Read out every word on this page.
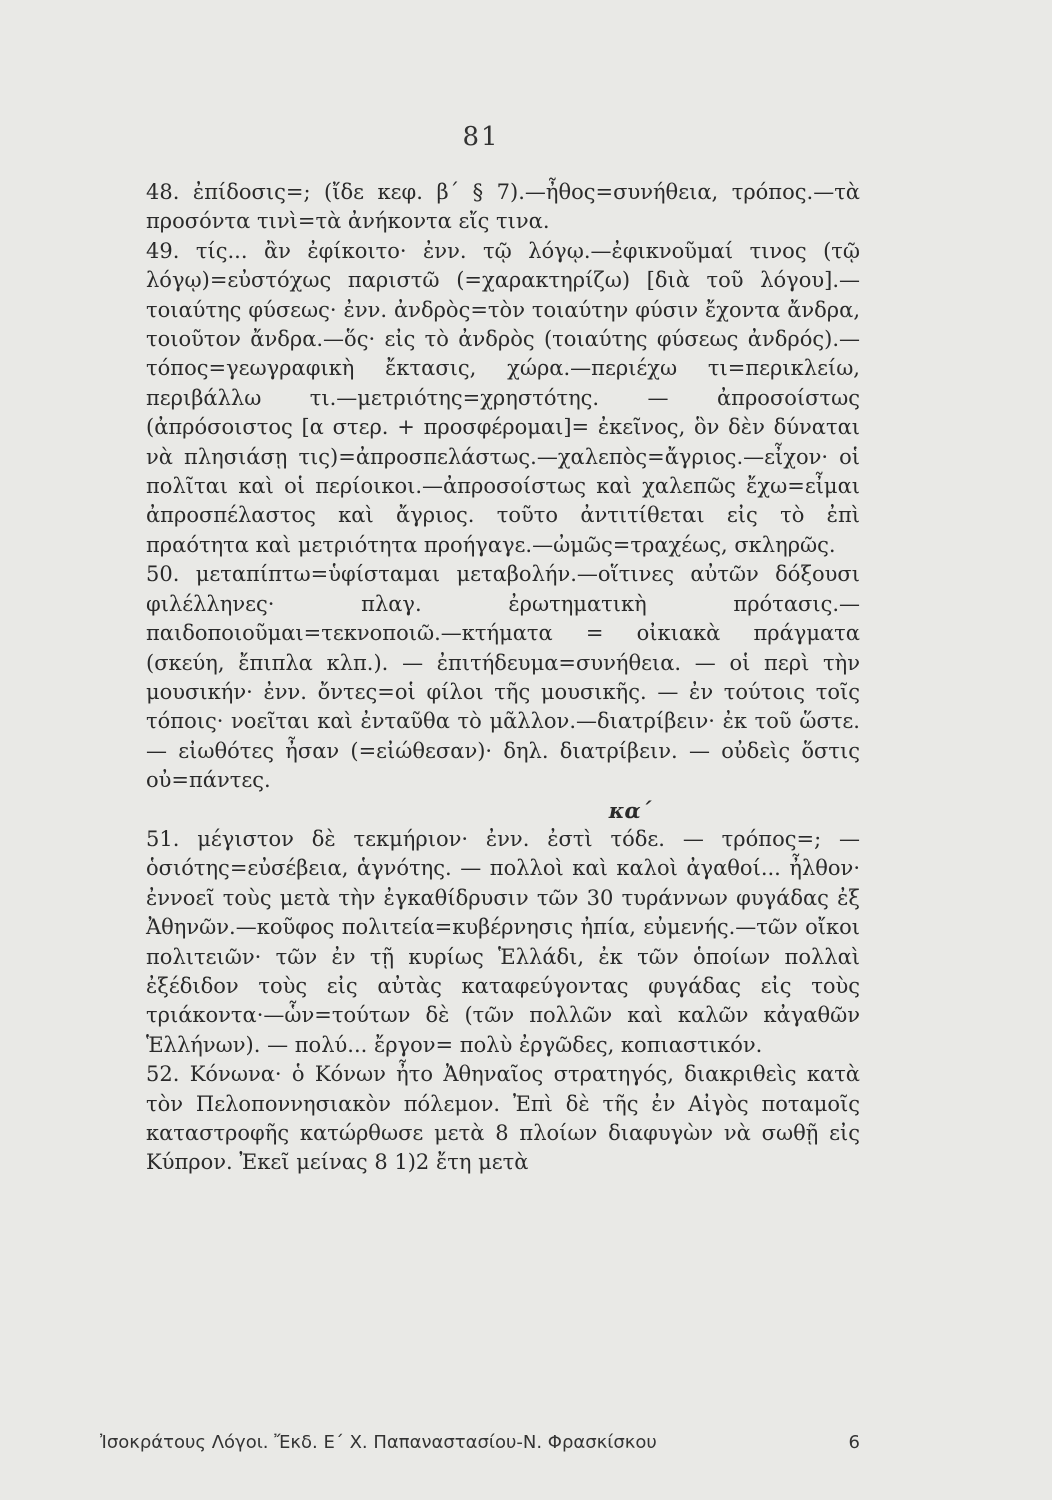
81

48. ἐπίδοσις=; (ἴδε κεφ. β΄ § 7).—ἦθος=συνήθεια, τρόπος.—τὰ προσόντα τινὶ=τὰ ἀνήκοντα εἴς τινα.

49. τίς... ἂν ἐφίκοιτο· ἐνν. τῷ λόγῳ.—ἐφικνοῦμαί τινος (τῷ λόγῳ)=εὐστόχως παριστῶ (=χαρακτηρίζω) [διὰ τοῦ λόγου].—τοιαύτης φύσεως· ἐνν. ἀνδρὸς=τὸν τοιαύτην φύσιν ἔχοντα ἄνδρα, τοιοῦτον ἄνδρα.—ὅς· εἰς τὸ ἀνδρὸς (τοιαύτης φύσεως ἀνδρός).—τόπος=γεωγραφικὴ ἔκτασις, χώρα.—περιέχω τι=περικλείω, περιβάλλω τι.—μετριότης=χρηστότης. — ἀπροσοίστως (ἀπρόσοιστος [α στερ. + προσφέρομαι]= ἐκεῖνος, ὃν δὲν δύναται νὰ πλησιάσῃ τις)=ἀπροσπελάστως.—χαλεπὸς=ἄγριος.—εἶχον· οἱ πολῖται καὶ οἱ περίοικοι.—ἀπροσοίστως καὶ χαλεπῶς ἔχω=εἶμαι ἀπροσπέλαστος καὶ ἄγριος. τοῦτο ἀντιτίθεται εἰς τὸ ἐπὶ πραότητα καὶ μετριότητα προήγαγε.—ὠμῶς=τραχέως, σκληρῶς.

50. μεταπίπτω=ὑφίσταμαι μεταβολήν.—οἵτινες αὐτῶν δόξουσι φιλέλληνες· πλαγ. ἐρωτηματικὴ πρότασις.—παιδοποιοῦμαι=τεκνοποιῶ.—κτήματα = οἰκιακὰ πράγματα (σκεύη, ἔπιπλα κλπ.). — ἐπιτήδευμα=συνήθεια. — οἱ περὶ τὴν μουσικήν· ἐνν. ὄντες=οἱ φίλοι τῆς μουσικῆς. — ἐν τούτοις τοῖς τόποις· νοεῖται καὶ ἐνταῦθα τὸ μᾶλλον.—διατρίβειν· ἐκ τοῦ ὥστε. — εἰωθότες ἦσαν (=εἰώθεσαν)· δηλ. διατρίβειν. — οὐδεὶς ὅστις οὐ=πάντες.

κα΄

51. μέγιστον δὲ τεκμήριον· ἐνν. ἐστὶ τόδε. — τρόπος=; — ὁσιότης=εὐσέβεια, ἁγνότης. — πολλοὶ καὶ καλοὶ ἀγαθοί... ἦλθον· ἐννοεῖ τοὺς μετὰ τὴν ἐγκαθίδρυσιν τῶν 30 τυράννων φυγάδας ἐξ Ἀθηνῶν.—κοῦφος πολιτεία=κυβέρνησις ἠπία, εὐμενής.—τῶν οἴκοι πολιτειῶν· τῶν ἐν τῇ κυρίως Ἑλλάδι, ἐκ τῶν ὁποίων πολλαὶ ἐξέδιδον τοὺς εἰς αὐτὰς καταφεύγοντας φυγάδας εἰς τοὺς τριάκοντα·—ὧν=τούτων δὲ (τῶν πολλῶν καὶ καλῶν κἀγαθῶν Ἑλλήνων). — πολύ... ἔργον= πολὺ ἐργῶδες, κοπιαστικόν.

52. Κόνωνα· ὁ Κόνων ἦτο Ἀθηναῖος στρατηγός, διακριθεὶς κατὰ τὸν Πελοποννησιακὸν πόλεμον. Ἐπὶ δὲ τῆς ἐν Αἰγὸς ποταμοῖς καταστροφῆς κατώρθωσε μετὰ 8 πλοίων διαφυγὼν νὰ σωθῇ εἰς Κύπρον. Ἐκεῖ μείνας 8 1)2 ἔτη μετὰ

Ἰσοκράτους Λόγοι. Ἔκδ. Ε΄ Χ. Παπαναστασίου-Ν. Φρασκίσκου	6
